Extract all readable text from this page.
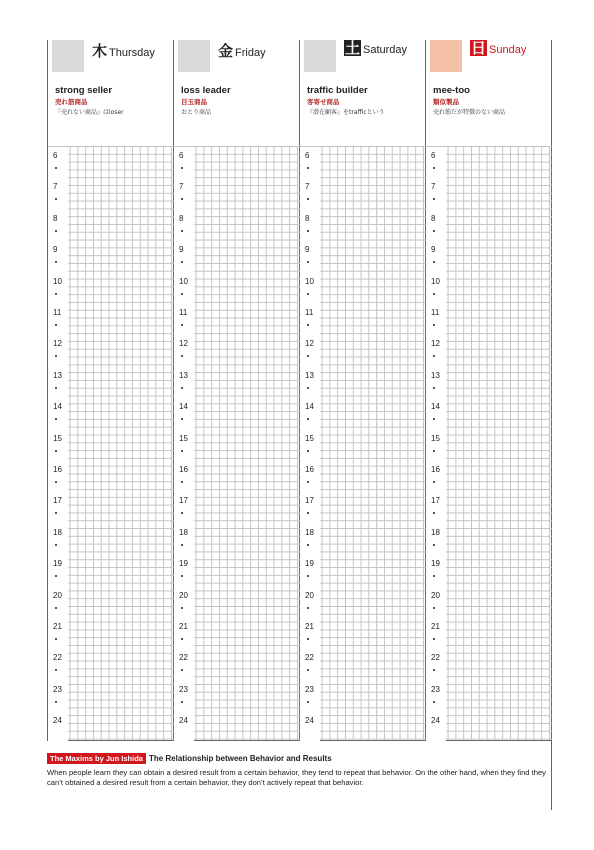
木 Thursday
strong seller
売れ筋商品
『売れない商品』はloser
6
7
8
9
10
11
12
13
14
15
16
17
18
19
20
21
22
23
24
金 Friday
loss leader
目玉商品
おとり商品
6
7
8
9
10
11
12
13
14
15
16
17
18
19
20
21
22
23
24
土 Saturday
traffic builder
客寄せ商品
『潜在顧客』をtrafficという
6
7
8
9
10
11
12
13
14
15
16
17
18
19
20
21
22
23
24
日 Sunday
mee-too
類似製品
売れ筋だが特徴のない商品
6
7
8
9
10
11
12
13
14
15
16
17
18
19
20
21
22
23
24
The Maxims by Jun Ishida The Relationship between Behavior and Results
When people learn they can obtain a desired result from a certain behavior, they tend to repeat that behavior. On the other hand, when they find they can’t obtained a desired result from a certain behavior, they don’t actively repeat that behavior.
